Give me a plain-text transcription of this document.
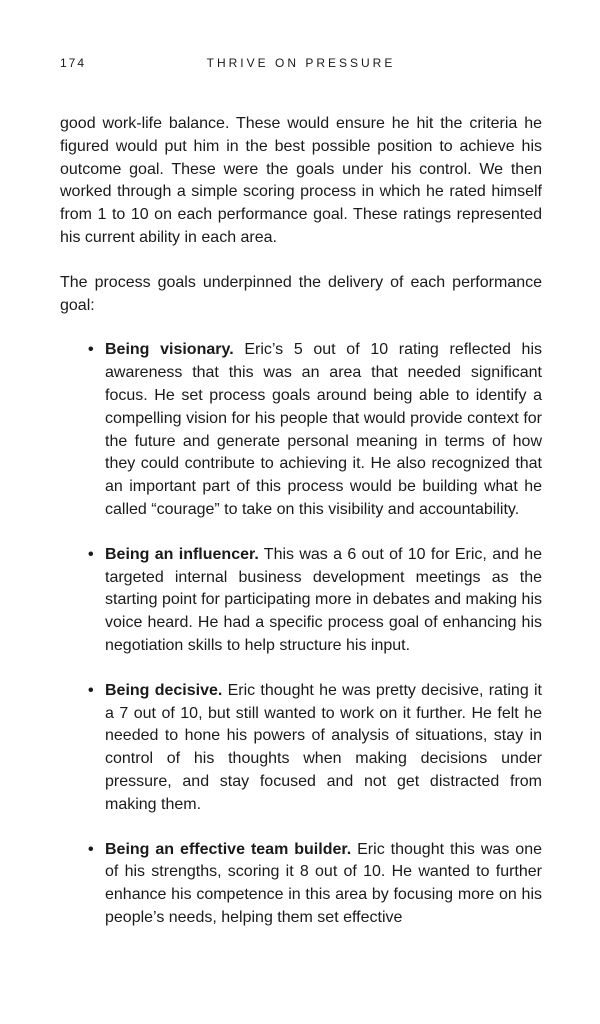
174	THRIVE ON PRESSURE

good work-life balance. These would ensure he hit the criteria he figured would put him in the best possible position to achieve his outcome goal. These were the goals under his control. We then worked through a simple scoring process in which he rated himself from 1 to 10 on each performance goal. These ratings represented his current ability in each area.

The process goals underpinned the delivery of each performance goal:

• Being visionary. Eric’s 5 out of 10 rating reflected his awareness that this was an area that needed significant focus. He set process goals around being able to identify a compelling vision for his people that would provide context for the future and generate personal meaning in terms of how they could contribute to achieving it. He also recognized that an important part of this process would be building what he called “courage” to take on this visibility and accountability.
• Being an influencer. This was a 6 out of 10 for Eric, and he targeted internal business development meetings as the starting point for participating more in debates and making his voice heard. He had a specific process goal of enhancing his negotiation skills to help structure his input.
• Being decisive. Eric thought he was pretty decisive, rating it a 7 out of 10, but still wanted to work on it further. He felt he needed to hone his powers of analysis of situations, stay in control of his thoughts when making decisions under pressure, and stay focused and not get distracted from making them.
• Being an effective team builder. Eric thought this was one of his strengths, scoring it 8 out of 10. He wanted to further enhance his competence in this area by focusing more on his people’s needs, helping them set effective
